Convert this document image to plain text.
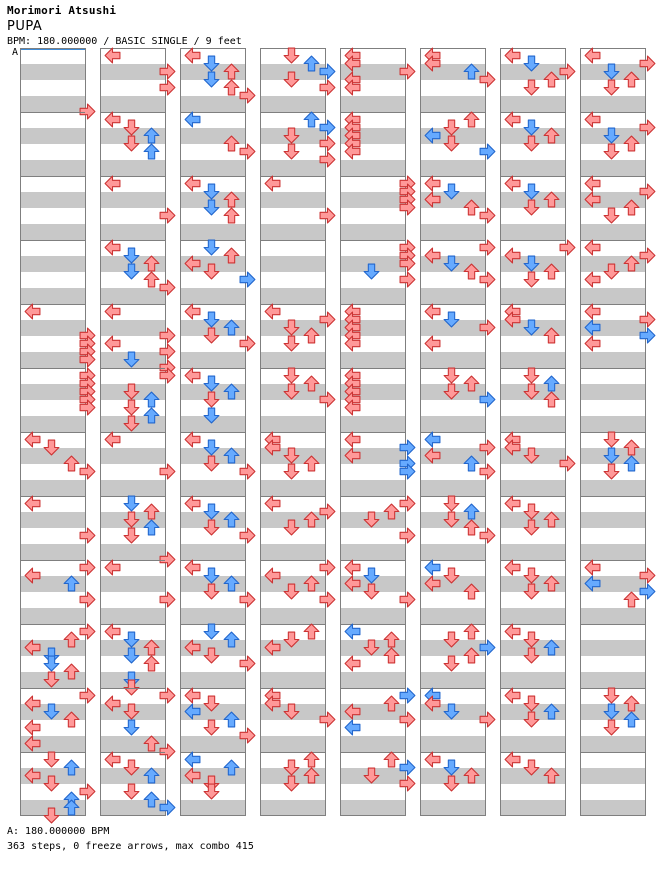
Morimori Atsushi
PUPA
BPM: 180.000000 / BASIC SINGLE / 9 feet
A
A: 180.000000 BPM
363 steps, 0 freeze arrows, max combo 415
